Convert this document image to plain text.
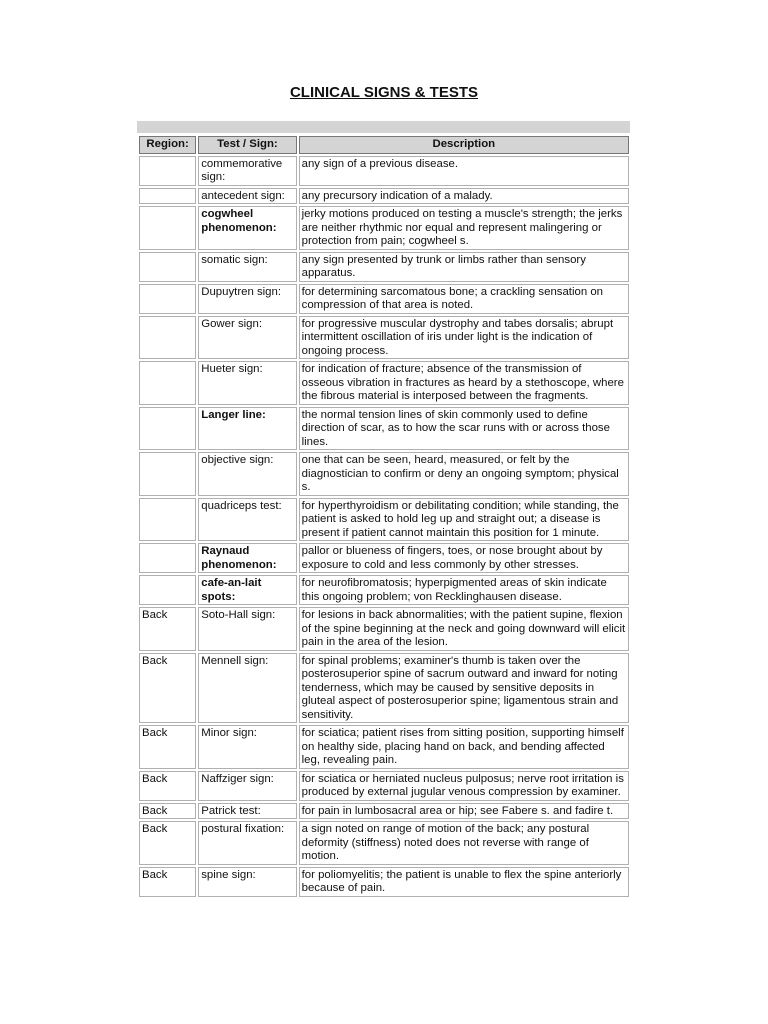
CLINICAL SIGNS & TESTS
Region:	Test / Sign:	Description
	commemorative sign:	any sign of a previous disease.
	antecedent sign:	any precursory indication of a malady.
	cogwheel phenomenon:	jerky motions produced on testing a muscle's strength; the jerks are neither rhythmic nor equal and represent malingering or protection from pain; cogwheel s.
	somatic sign:	any sign presented by trunk or limbs rather than sensory apparatus.
	Dupuytren sign:	for determining sarcomatous bone; a crackling sensation on compression of that area is noted.
	Gower sign:	for progressive muscular dystrophy and tabes dorsalis; abrupt intermittent oscillation of iris under light is the indication of ongoing process.
	Hueter sign:	for indication of fracture; absence of the transmission of osseous vibration in fractures as heard by a stethoscope, where the fibrous material is interposed between the fragments.
	Langer line:	the normal tension lines of skin commonly used to define direction of scar, as to how the scar runs with or across those lines.
	objective sign:	one that can be seen, heard, measured, or felt by the diagnostician to confirm or deny an ongoing symptom; physical s.
	quadriceps test:	for hyperthyroidism or debilitating condition; while standing, the patient is asked to hold leg up and straight out; a disease is present if patient cannot maintain this position for 1 minute.
	Raynaud phenomenon:	pallor or blueness of fingers, toes, or nose brought about by exposure to cold and less commonly by other stresses.
	cafe-an-lait spots:	for neurofibromatosis; hyperpigmented areas of skin indicate this ongoing problem; von Recklinghausen disease.
Back	Soto-Hall sign:	for lesions in back abnormalities; with the patient supine, flexion of the spine beginning at the neck and going downward will elicit pain in the area of the lesion.
Back	Mennell sign:	for spinal problems; examiner's thumb is taken over the posterosuperior spine of sacrum outward and inward for noting tenderness, which may be caused by sensitive deposits in gluteal aspect of posterosuperior spine; ligamentous strain and sensitivity.
Back	Minor sign:	for sciatica; patient rises from sitting position, supporting himself on healthy side, placing hand on back, and bending affected leg, revealing pain.
Back	Naffziger sign:	for sciatica or herniated nucleus pulposus; nerve root irritation is produced by external jugular venous compression by examiner.
Back	Patrick test:	for pain in lumbosacral area or hip; see Fabere s. and fadire t.
Back	postural fixation:	a sign noted on range of motion of the back; any postural deformity (stiffness) noted does not reverse with range of motion.
Back	spine sign:	for poliomyelitis; the patient is unable to flex the spine anteriorly because of pain.
